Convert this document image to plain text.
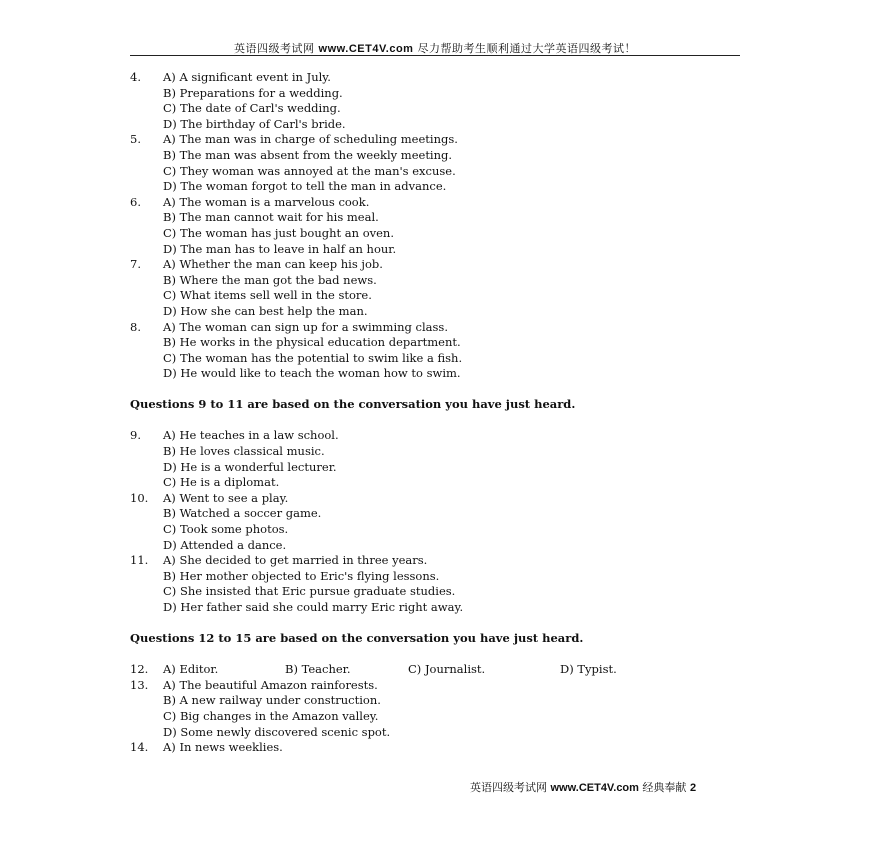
英语四级考试网 www.CET4V.com 尽力帮助考生顺利通过大学英语四级考试！
4.	A) A significant event in July.
B) Preparations for a wedding.
C) The date of Carl's wedding.
D) The birthday of Carl's bride.
5.	A) The man was in charge of scheduling meetings.
B) The man was absent from the weekly meeting.
C) They woman was annoyed at the man's excuse.
D) The woman forgot to tell the man in advance.
6.	A) The woman is a marvelous cook.
B) The man cannot wait for his meal.
C) The woman has just bought an oven.
D) The man has to leave in half an hour.
7.	A) Whether the man can keep his job.
B) Where the man got the bad news.
C) What items sell well in the store.
D) How she can best help the man.
8.	A) The woman can sign up for a swimming class.
B) He works in the physical education department.
C) The woman has the potential to swim like a fish.
D) He would like to teach the woman how to swim.
Questions 9 to 11 are based on the conversation you have just heard.
9.	A) He teaches in a law school.
B) He loves classical music.
D) He is a wonderful lecturer.
C) He is a diplomat.
10.	A) Went to see a play.
B) Watched a soccer game.
C) Took some photos.
D) Attended a dance.
11.	A) She decided to get married in three years.
B) Her mother objected to Eric's flying lessons.
C) She insisted that Eric pursue graduate studies.
D) Her father said she could marry Eric right away.
Questions 12 to 15 are based on the conversation you have just heard.
12.	A) Editor.	B) Teacher.	C) Journalist.	D) Typist.
13.	A) The beautiful Amazon rainforests.
B) A new railway under construction.
C) Big changes in the Amazon valley.
D) Some newly discovered scenic spot.
14.	A) In news weeklies.
英语四级考试网 www.CET4V.com 经典奉献 2
